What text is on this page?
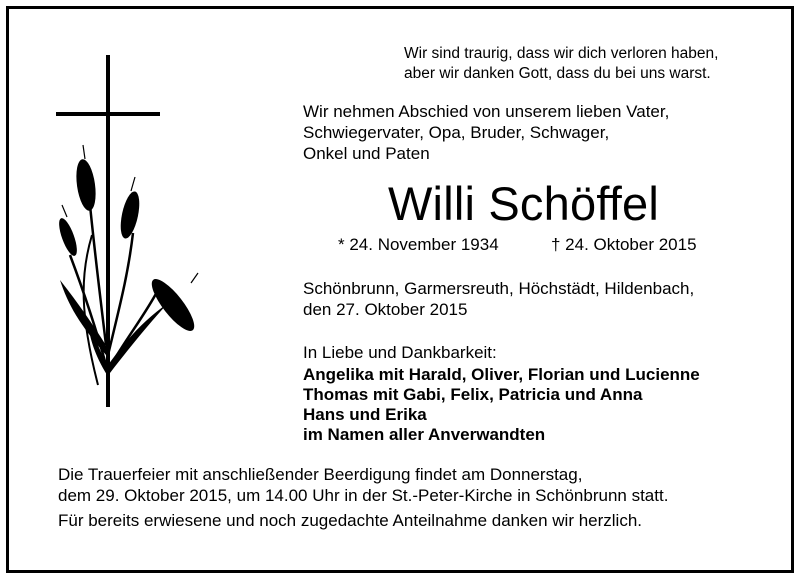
Wir sind traurig, dass wir dich verloren haben,
aber wir danken Gott, dass du bei uns warst.
Wir nehmen Abschied von unserem lieben Vater,
Schwiegervater, Opa, Bruder, Schwager,
Onkel und Paten
Willi Schöffel
* 24. November 1934	† 24. Oktober 2015
Schönbrunn, Garmersreuth, Höchstädt, Hildenbach,
den 27. Oktober 2015
In Liebe und Dankbarkeit:
Angelika mit Harald, Oliver, Florian und Lucienne
Thomas mit Gabi, Felix, Patricia und Anna
Hans und Erika
im Namen aller Anverwandten
Die Trauerfeier mit anschließender Beerdigung findet am Donnerstag,
dem 29. Oktober 2015, um 14.00 Uhr in der St.-Peter-Kirche in Schönbrunn statt.
Für bereits erwiesene und noch zugedachte Anteilnahme danken wir herzlich.
